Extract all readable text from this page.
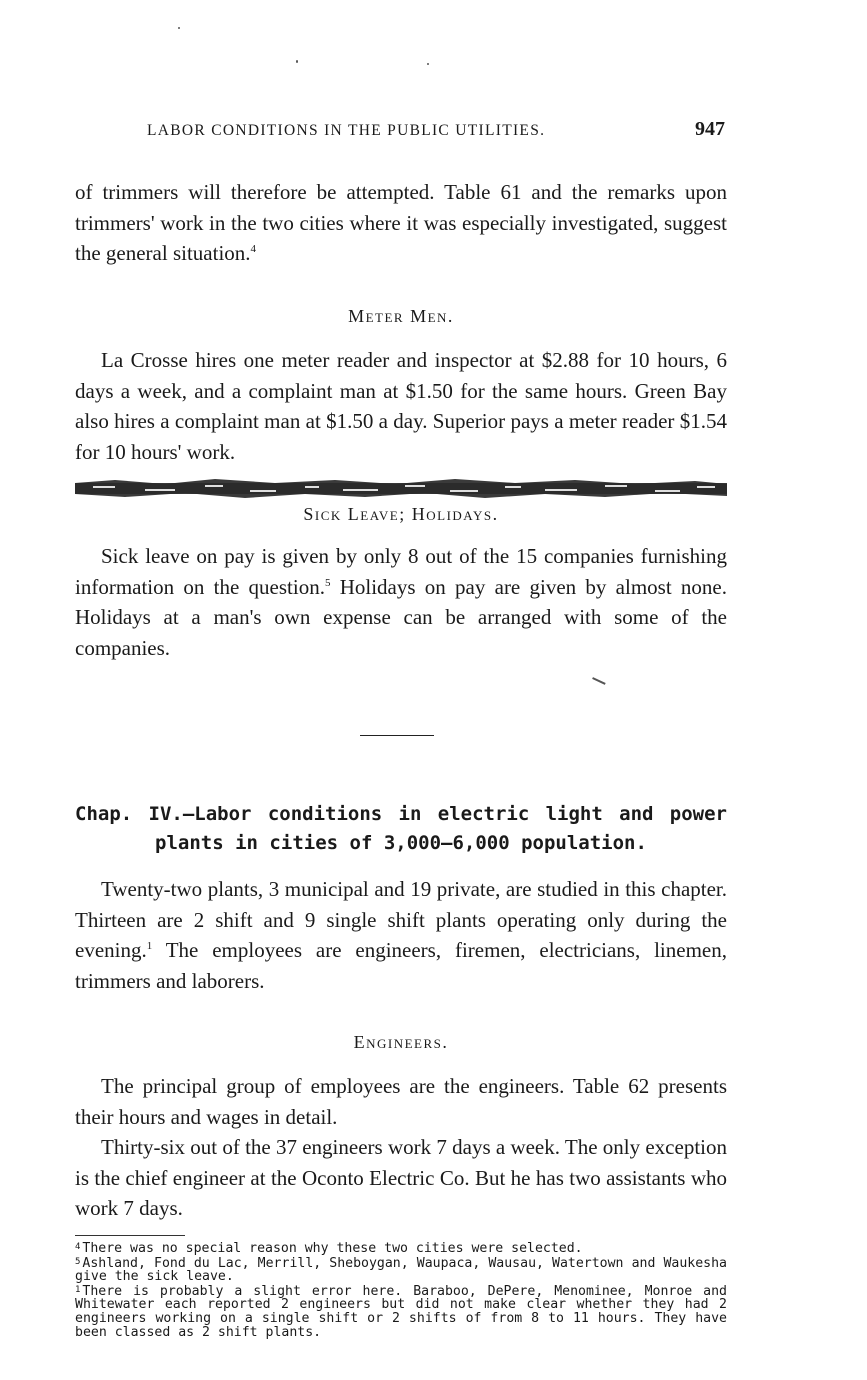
LABOR CONDITIONS IN THE PUBLIC UTILITIES.	947

of trimmers will therefore be attempted. Table 61 and the remarks upon trimmers' work in the two cities where it was especially investigated, suggest the general situation.$^4$

Meter Men.

La Crosse hires one meter reader and inspector at $2.88 for 10 hours, 6 days a week, and a complaint man at $1.50 for the same hours. Green Bay also hires a complaint man at $1.50 a day. Superior pays a meter reader $1.54 for 10 hours' work.

Sick Leave; Holidays.

Sick leave on pay is given by only 8 out of the 15 companies furnishing information on the question.$^5$ Holidays on pay are given by almost none. Holidays at a man's own expense can be arranged with some of the companies.

Chap. IV.—Labor conditions in electric light and power
plants in cities of 3,000–6,000 population.

Twenty-two plants, 3 municipal and 19 private, are studied in this chapter. Thirteen are 2 shift and 9 single shift plants operating only during the evening.$^1$ The employees are engineers, firemen, electricians, linemen, trimmers and laborers.

Engineers.

The principal group of employees are the engineers. Table 62 presents their hours and wages in detail.

Thirty-six out of the 37 engineers work 7 days a week. The only exception is the chief engineer at the Oconto Electric Co. But he has two assistants who work 7 days.

$^4$ There was no special reason why these two cities were selected.

$^5$ Ashland, Fond du Lac, Merrill, Sheboygan, Waupaca, Wausau, Watertown and Waukesha give the sick leave.

$^1$ There is probably a slight error here. Baraboo, DePere, Menominee, Monroe and Whitewater each reported 2 engineers but did not make clear whether they had 2 engineers working on a single shift or 2 shifts of from 8 to 11 hours. They have been classed as 2 shift plants.
